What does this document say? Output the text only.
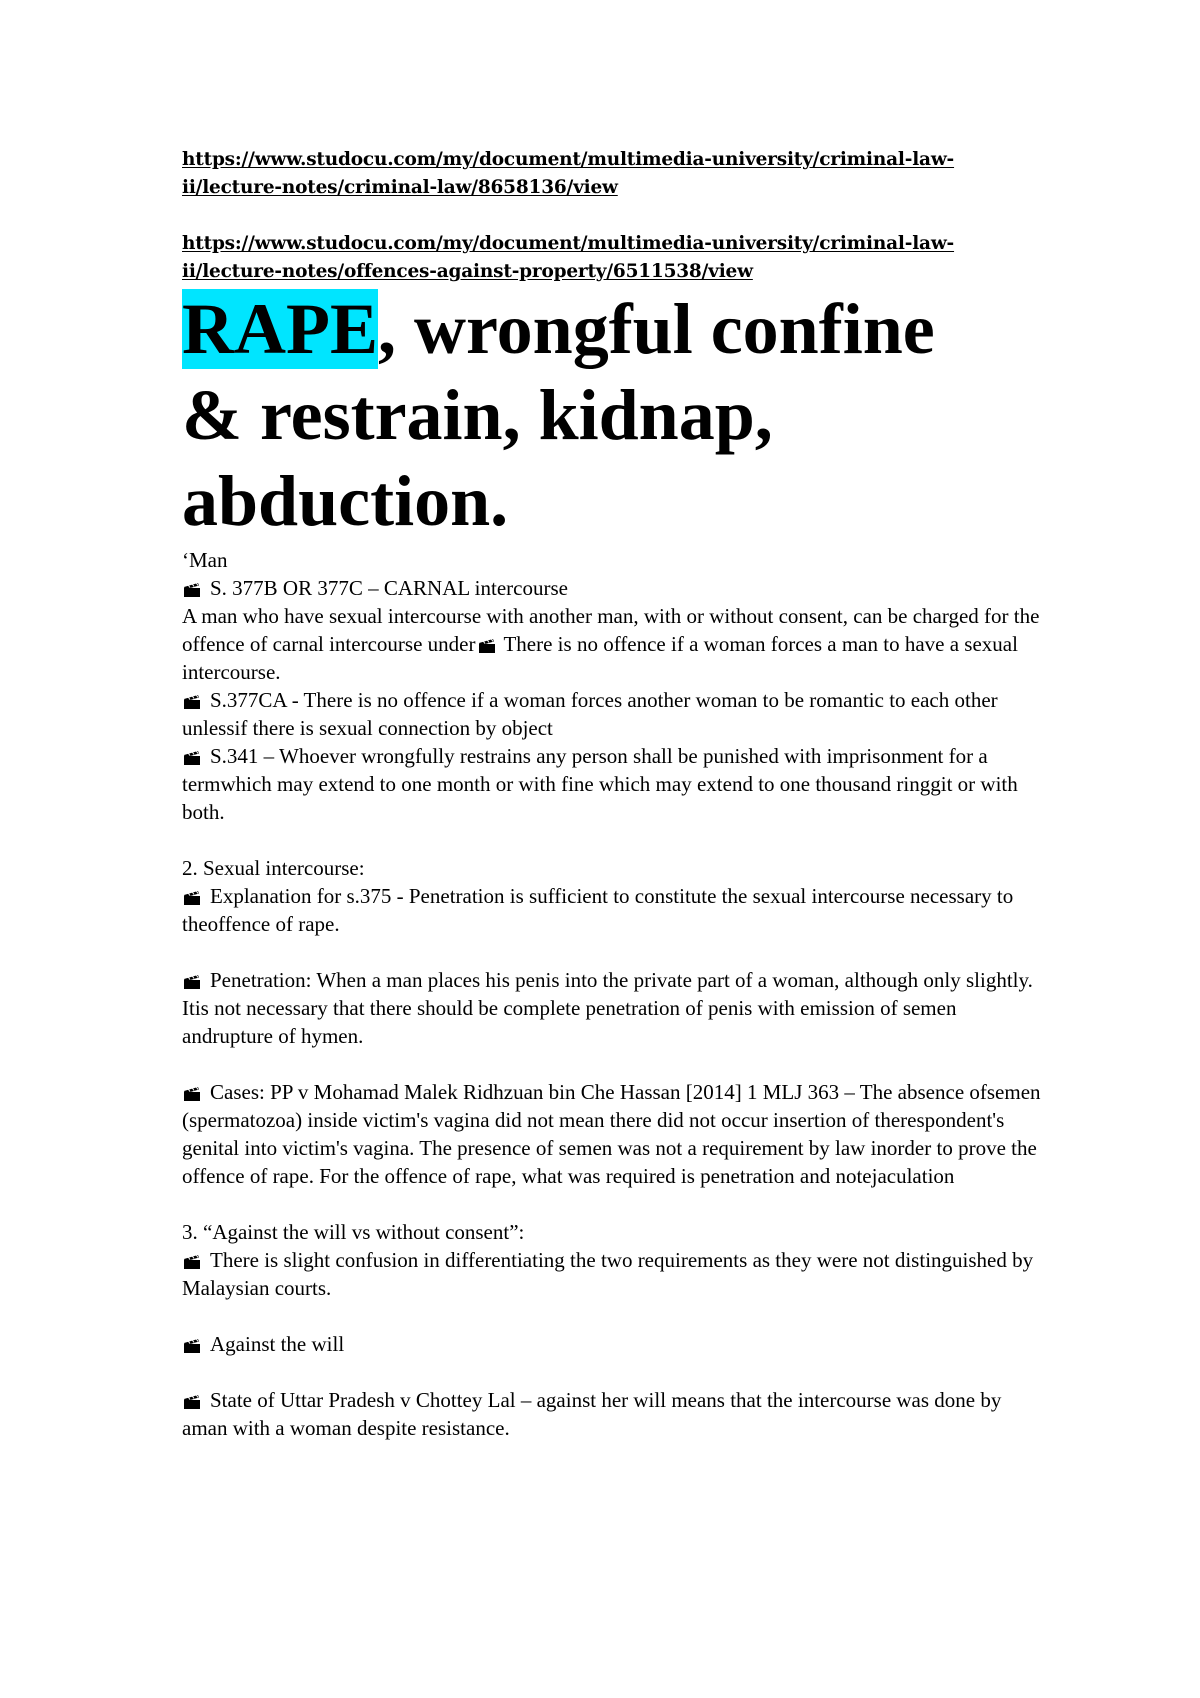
https://www.studocu.com/my/document/multimedia-university/criminal-law-
ii/lecture-notes/criminal-law/8658136/view
https://www.studocu.com/my/document/multimedia-university/criminal-law-
ii/lecture-notes/offences-against-property/6511538/view
RAPE, wrongful confine
& restrain, kidnap,
abduction.

‘Man

S. 377B OR 377C – CARNAL intercourse

A man who have sexual intercourse with another man, with or without consent, can be charged for the
offence of carnal intercourse under There is no offence if a woman forces a man to have a sexual intercourse.

S.377CA - There is no offence if a woman forces another woman to be romantic to each other unlessif there is sexual connection by object

S.341 – Whoever wrongfully restrains any person shall be punished with imprisonment for a termwhich may extend to one month or with fine which may extend to one thousand ringgit or with both.

2. Sexual intercourse:

Explanation for s.375 - Penetration is sufficient to constitute the sexual intercourse necessary to theoffence of rape.

Penetration: When a man places his penis into the private part of a woman, although only slightly. Itis not necessary that there should be complete penetration of penis with emission of semen andrupture of hymen.

Cases: PP v Mohamad Malek Ridhzuan bin Che Hassan [2014] 1 MLJ 363 – The absence ofsemen (spermatozoa) inside victim's vagina did not mean there did not occur insertion of therespondent's genital into victim's vagina. The presence of semen was not a requirement by law inorder to prove the offence of rape. For the offence of rape, what was required is penetration and notejaculation

3. “Against the will vs without consent”:

There is slight confusion in differentiating the two requirements as they were not distinguished by Malaysian courts.

Against the will

State of Uttar Pradesh v Chottey Lal – against her will means that the intercourse was done by aman with a woman despite resistance.
